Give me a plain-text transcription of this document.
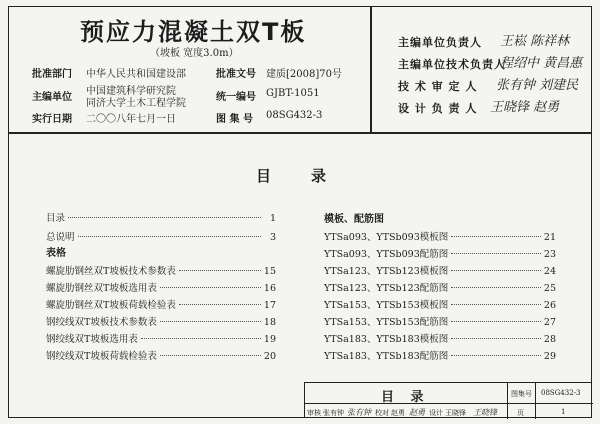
预应力混凝土双T板
（坡板 宽度3.0m）
批准部门 中华人民共和国建设部
主编单位
中国建筑科学研究院
同济大学土木工程学院
实行日期 二〇〇八年七月一日
批准文号 建质[2008]70号
统一编号 GJBT-1051
图 集 号 08SG432-3
主编单位负责人 王崧 陈祥林
主编单位技术负责人
程绍中 黄昌惠
技 术 审 定 人 张有钟 刘建民
设 计 负 责 人 王晓锋 赵勇
目录
目录	1
总说明	3
表格
螺旋肋钢丝双T坡板技术参数表	15
螺旋肋钢丝双T坡板选用表	16
螺旋肋钢丝双T坡板荷载检验表	17
钢绞线双T坡板技术参数表	18
钢绞线双T坡板选用表	19
钢绞线双T坡板荷载检验表	20
模板、配筋图
YTSa093、YTSb093模板图	21
YTSa093、YTSb093配筋图	23
YTSa123、YTSb123模板图	24
YTSa123、YTSb123配筋图	25
YTSa153、YTSb153模板图	26
YTSa153、YTSb153配筋图	27
YTSa183、YTSb183模板图	28
YTSa183、YTSb183配筋图	29
目 录	图集号 08SG432-3
审核 张有钟 张有钟 校对 赵勇 赵勇 设计 王晓锋 王晓锋	页	1
